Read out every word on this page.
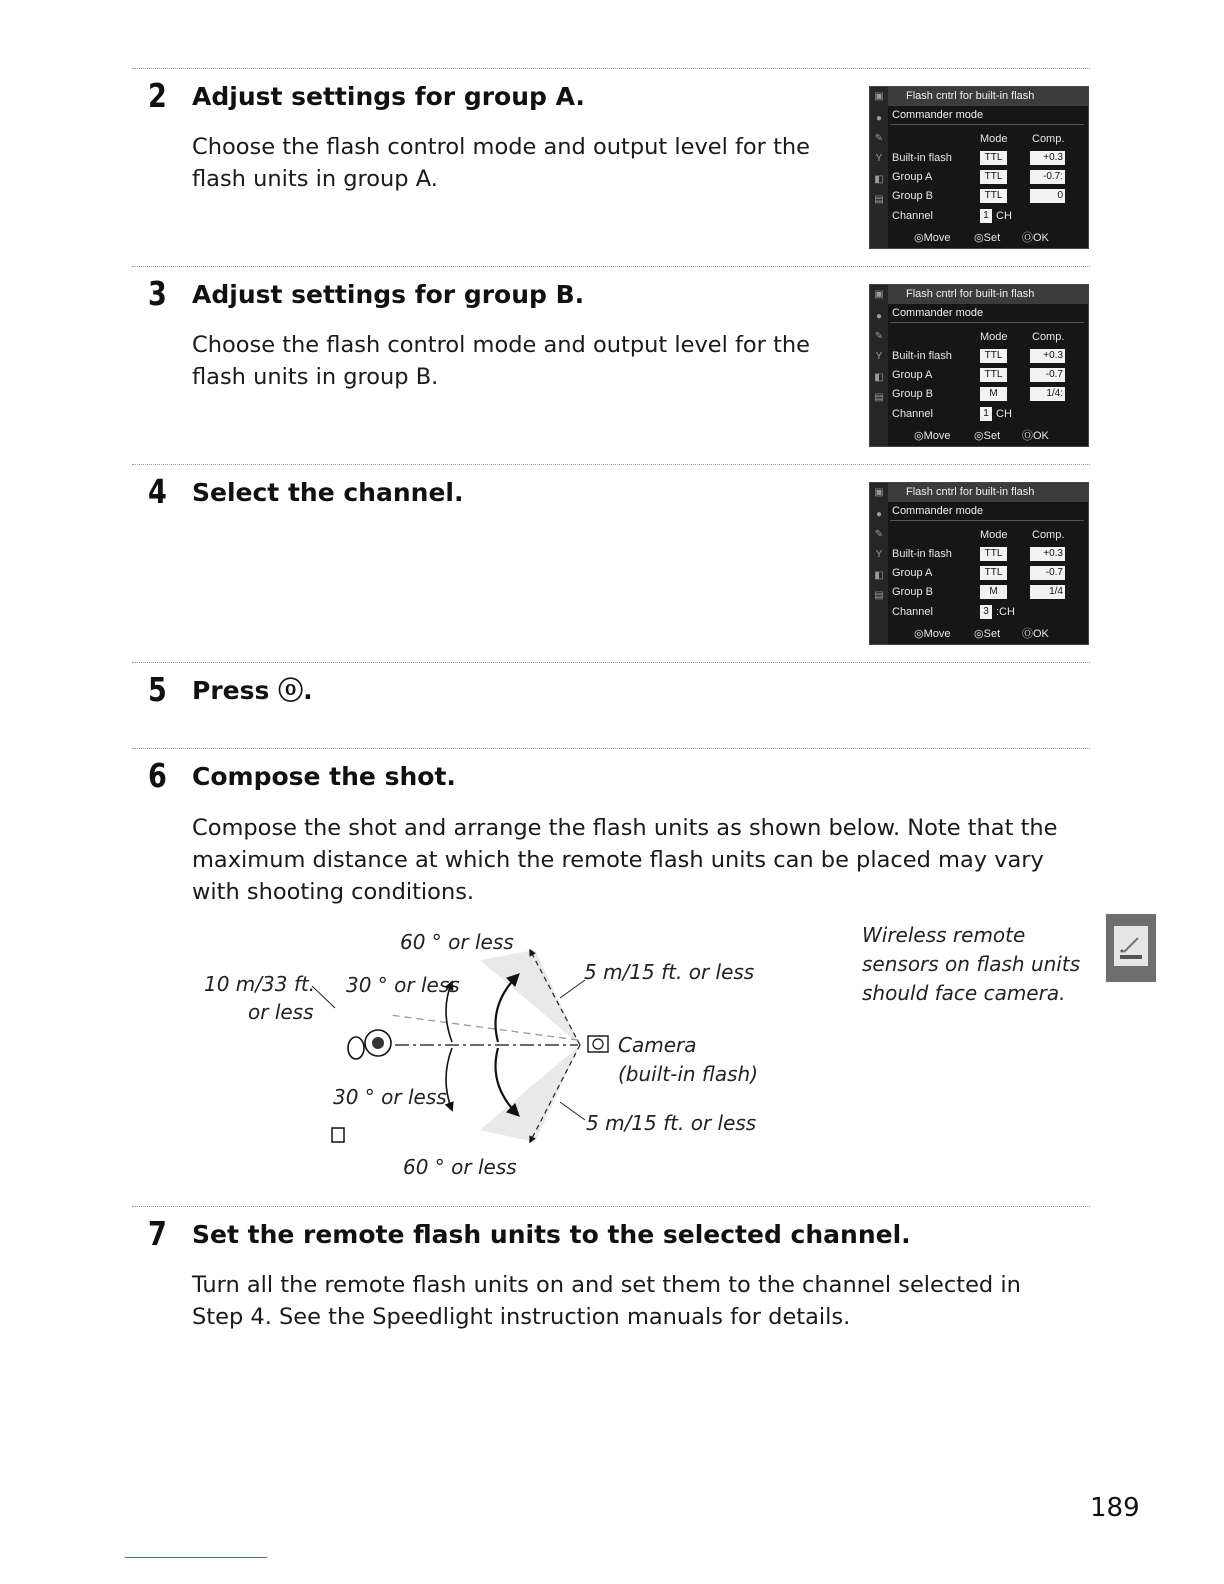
2 Adjust settings for group A.
Choose the flash control mode and output level for the flash units in group A.
3 Adjust settings for group B.
Choose the flash control mode and output level for the flash units in group B.
4 Select the channel.
5 Press ⓞ.
6 Compose the shot.
Compose the shot and arrange the flash units as shown below. Note that the maximum distance at which the remote flash units can be placed may vary with shooting conditions.
7 Set the remote flash units to the selected channel.
Turn all the remote flash units on and set them to the channel selected in Step 4. See the Speedlight instruction manuals for details.
▣
●
✎
Y
◧
▤
Flash cntrl for built-in flash
Commander mode
Mode Comp.
Built-in flash	TTL	+0.3
Group A	TTL	-0.7:
Group B	TTL	0
Channel	1 CH
◎Move ◎Set ⓄOK
▣
●
✎
Y
◧
▤
Flash cntrl for built-in flash
Commander mode
Mode Comp.
Built-in flash	TTL	+0.3
Group A	TTL	-0.7
Group B	M	1/4:
Channel	1 CH
◎Move ◎Set ⓄOK
▣
●
✎
Y
◧
▤
Flash cntrl for built-in flash
Commander mode
Mode Comp.
Built-in flash	TTL	+0.3
Group A	TTL	-0.7
Group B	M	1/4
Channel	3 :CH
◎Move ◎Set ⓄOK
60 ° or less
10 m/33 ft.
or less
30 ° or less
5 m/15 ft. or less
Camera
(built-in flash)
30 ° or less
5 m/15 ft. or less
60 ° or less
Wireless remote
sensors on flash units
should face camera.
189
